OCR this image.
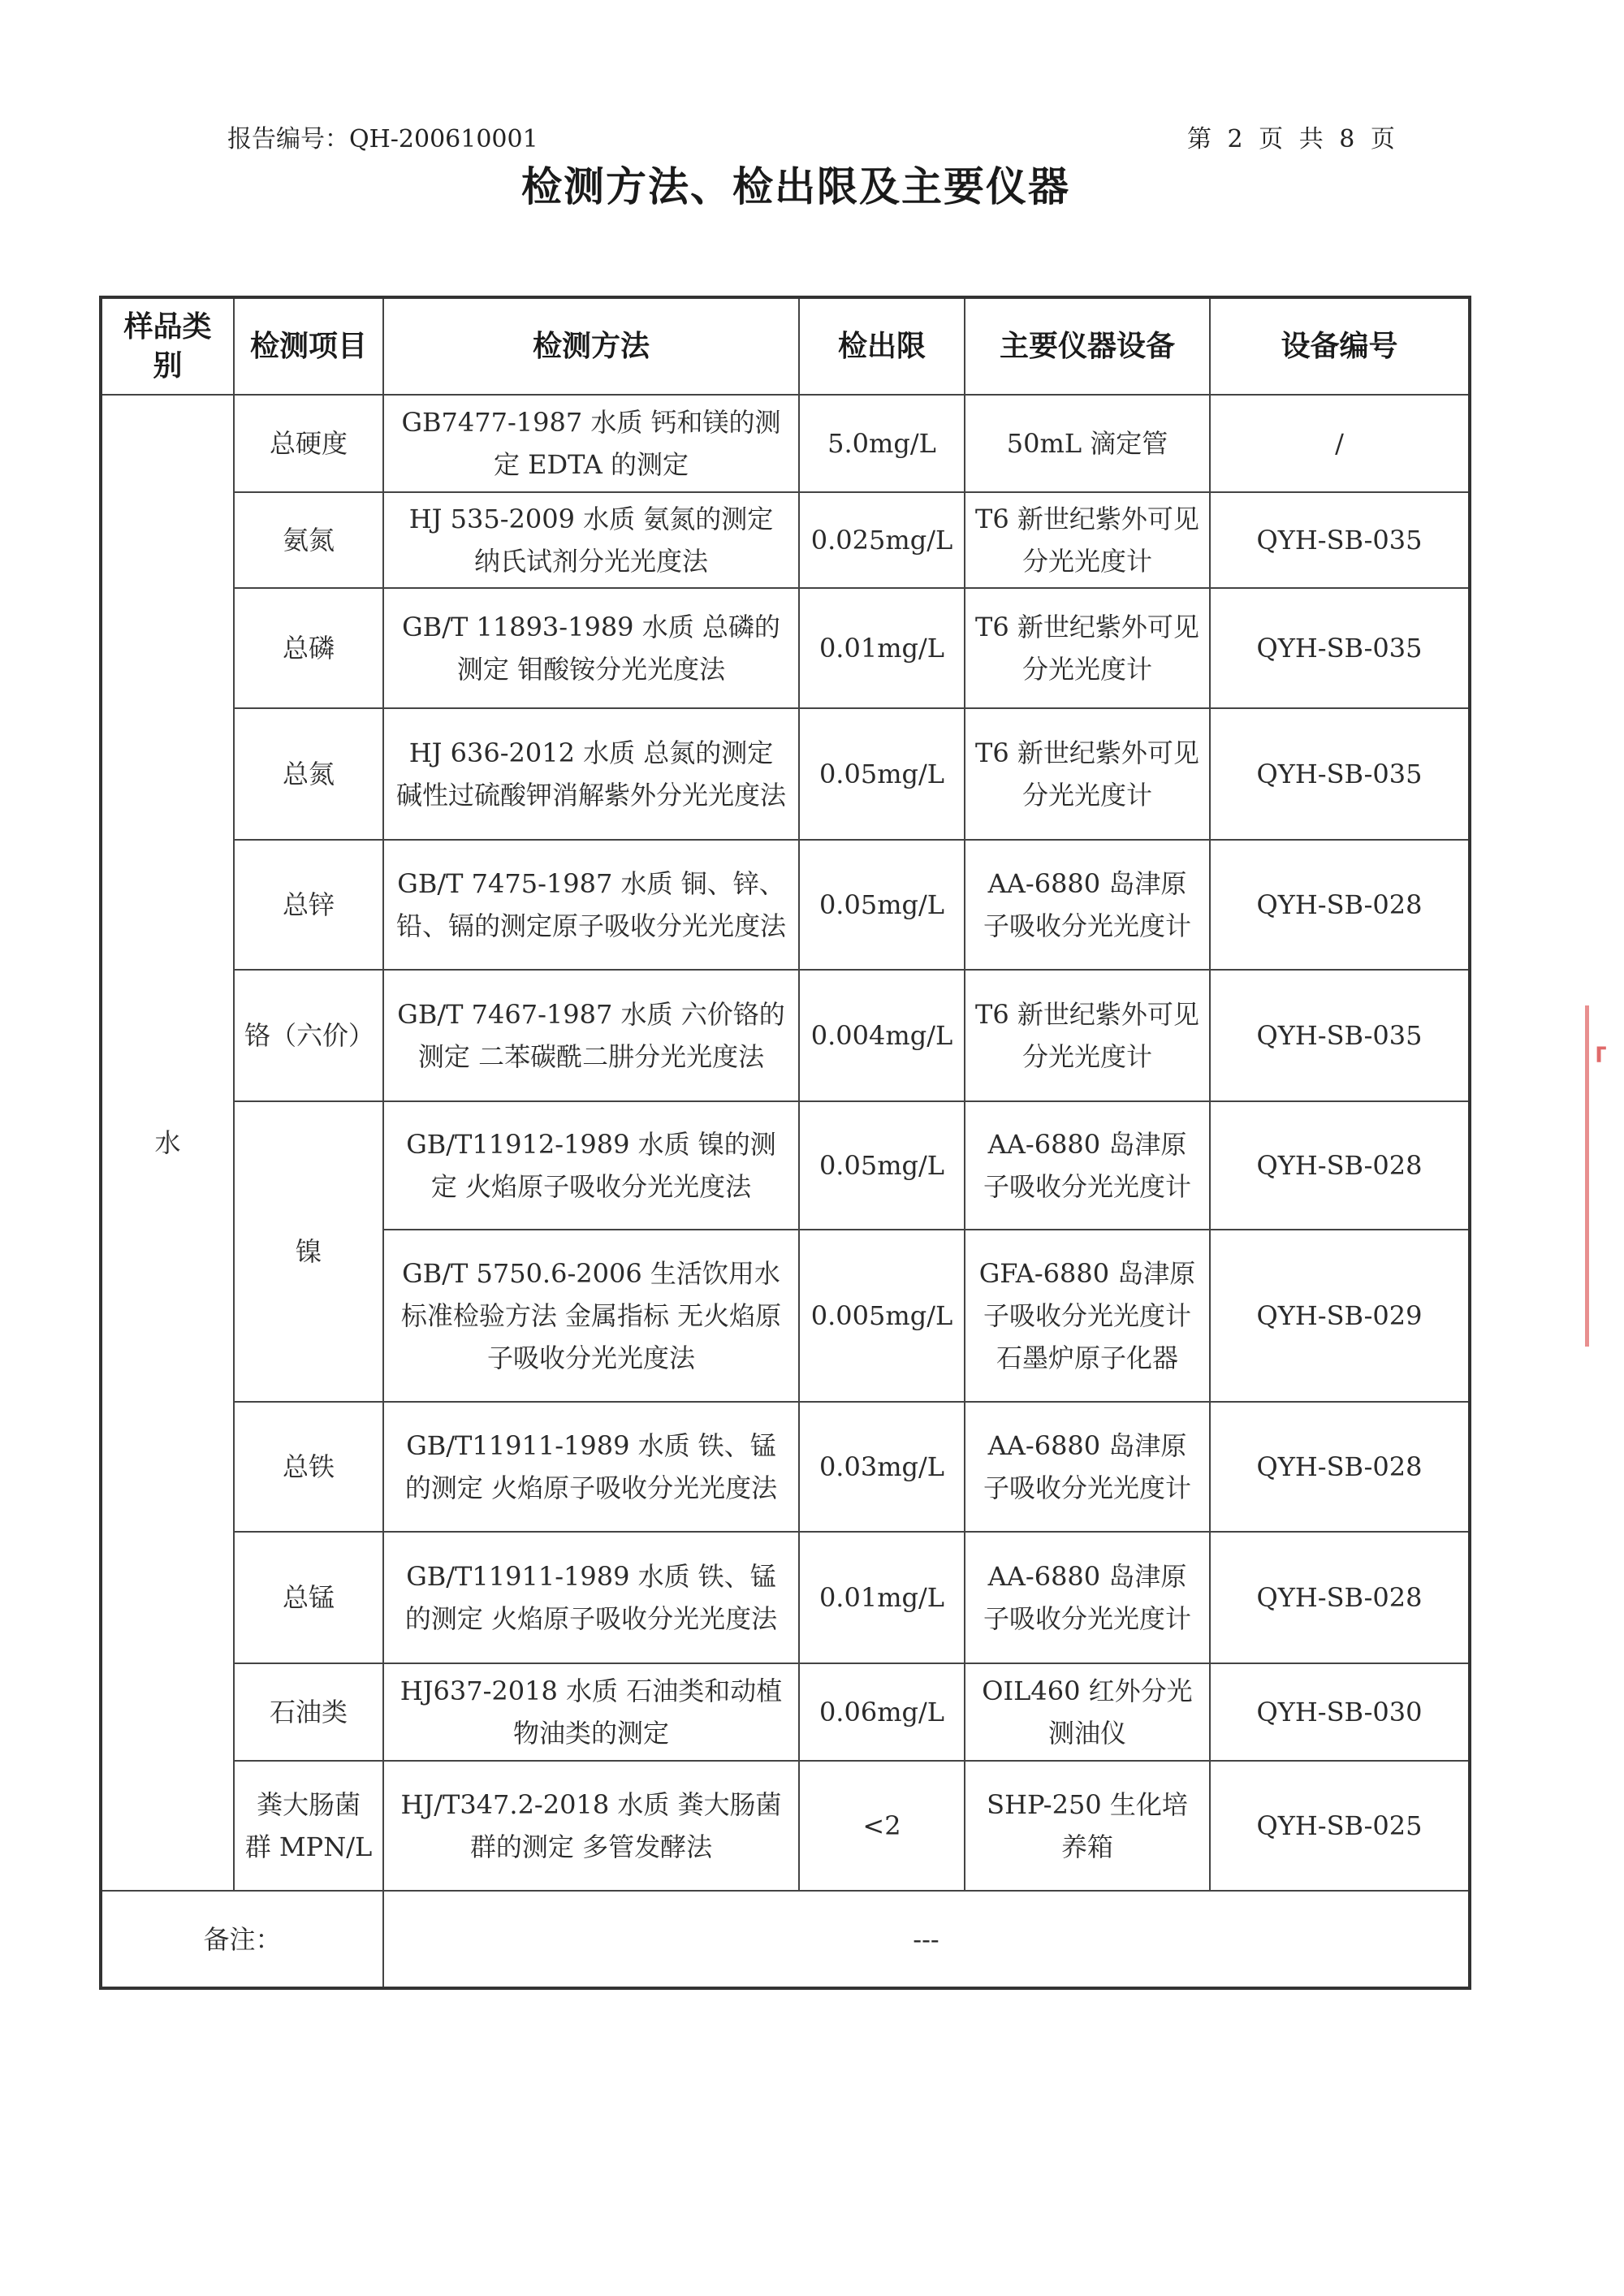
报告编号：QH-200610001	第 2 页 共 8 页
检测方法、检出限及主要仪器
样品类别	检测项目	检测方法	检出限	主要仪器设备	设备编号
水	总硬度	GB7477-1987 水质 钙和镁的测定 EDTA 的测定	5.0mg/L	50mL 滴定管	/
	氨氮	HJ 535-2009 水质 氨氮的测定 纳氏试剂分光光度法	0.025mg/L	T6 新世纪紫外可见分光光度计	QYH-SB-035
	总磷	GB/T 11893-1989 水质 总磷的测定 钼酸铵分光光度法	0.01mg/L	T6 新世纪紫外可见分光光度计	QYH-SB-035
	总氮	HJ 636-2012 水质 总氮的测定 碱性过硫酸钾消解紫外分光光度法	0.05mg/L	T6 新世纪紫外可见分光光度计	QYH-SB-035
	总锌	GB/T 7475-1987 水质 铜、锌、铅、镉的测定原子吸收分光光度法	0.05mg/L	AA-6880 岛津原子吸收分光光度计	QYH-SB-028
	铬（六价）	GB/T 7467-1987 水质 六价铬的测定 二苯碳酰二肼分光光度法	0.004mg/L	T6 新世纪紫外可见分光光度计	QYH-SB-035
	镍	GB/T11912-1989 水质 镍的测定 火焰原子吸收分光光度法	0.05mg/L	AA-6880 岛津原子吸收分光光度计	QYH-SB-028
		GB/T 5750.6-2006 生活饮用水标准检验方法 金属指标 无火焰原子吸收分光光度法	0.005mg/L	GFA-6880 岛津原子吸收分光光度计 石墨炉原子化器	QYH-SB-029
	总铁	GB/T11911-1989 水质 铁、锰的测定 火焰原子吸收分光光度法	0.03mg/L	AA-6880 岛津原子吸收分光光度计	QYH-SB-028
	总锰	GB/T11911-1989 水质 铁、锰的测定 火焰原子吸收分光光度法	0.01mg/L	AA-6880 岛津原子吸收分光光度计	QYH-SB-028
	石油类	HJ637-2018 水质 石油类和动植物油类的测定	0.06mg/L	OIL460 红外分光测油仪	QYH-SB-030
	粪大肠菌群 MPN/L	HJ/T347.2-2018 水质 粪大肠菌群的测定 多管发酵法	<2	SHP-250 生化培养箱	QYH-SB-025
备注：		---			
⸢
